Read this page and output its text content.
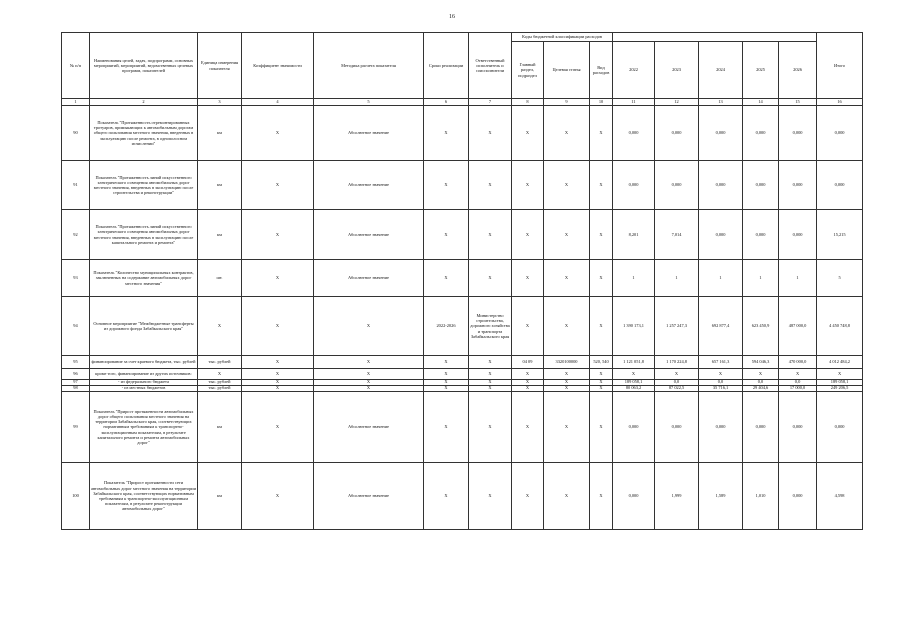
16
№ п/п	Наименования целей, задач, подпрограмм, основных мероприятий, мероприятий, ведомственных целевых программ, показателей	Единица измерения показателя	Коэффициент значимости	Методика расчета показателя	Сроки реализации	Ответственный исполнитель и соисполнители	Коды бюджетной классификации расходов								Итого
							Главный раздел, подраздел	Целевая статья	Вид расходов	2022	2023	2024	2025	2026	
1	2	3	4	5	6	7	8	9	10	11	12	13	14	15	16
90	Показатель "Протяженность отремонтированных тротуаров, примыкающих к автомобильным дорогам общего пользования местного значения, введенных в эксплуатацию после ремонта, в однополосном исчислении"	км	X	Абсолютное значение	X	X	X	X	X	0,000	0,000	0,000	0,000	0,000	0,000
91	Показатель "Протяженность линий искусственного электрического освещения автомобильных дорог местного значения, введенных в эксплуатацию после строительства и реконструкции"	км	X	Абсолютное значение	X	X	X	X	X	0,000	0,000	0,000	0,000	0,000	0,000
92	Показатель "Протяженность линий искусственного электрического освещения автомобильных дорог местного значения, введенных в эксплуатацию после капитального ремонта и ремонта"	км	X	Абсолютное значение	X	X	X	X	X	8,201	7,014	0,000	0,000	0,000	15,215
93	Показатель "Количество муниципальных контрактов, заключенных на содержание автомобильных дорог местного значения"	шт.	X	Абсолютное значение	X	X	X	X	X	1	1	1	1	1	5
94	Основное мероприятие "Межбюджетные трансферты из дорожного фонда Забайкальского края"	X	X	X	2022-2026	Министерство строительства, дорожного хозяйства и транспорта Забайкальского края	X	X	X	1 390 173,1	1 257 247,3	692 877,4	623 450,9	487 000,0	4 450 748,8
95	финансирование за счет краевого бюджета, тыс. рублей	тыс. рублей	X	X	X	X	04 09	3320100000	520, 540	1 121 051,8	1 170 224,8	657 161,3	594 046,3	470 000,0	4 012 484,2
96	кроме того, финансирование из других источников:	X	X	X	X	X	X	X	X	X	X	X	X	X	X
97	- из федерального бюджета	тыс. рублей	X	X	X	X	X	X	X	189 058,1	0,0	0,0	0,0	0,0	189 058,1
98	- из местных бюджетов	тыс. рублей	X	X	X	X	X	X	X	80 063,2	87 022,5	35 716,1	29 404,6	17 000,0	249 206,5
99	Показатель "Прирост протяженности автомобильных дорог общего пользования местного значения на территории Забайкальского края, соответствующих нормативным требованиям к транспортно-эксплуатационным показателям, в результате капитального ремонта и ремонта автомобильных дорог"	км	X	Абсолютное значение	X	X	X	X	X	0,000	0,000	0,000	0,000	0,000	0,000
100	Показатель "Прирост протяженности сети автомобильных дорог местного значения на территории Забайкальского края, соответствующих нормативным требованиям к транспортно-эксплуатационным показателям, в результате реконструкции автомобильных дорог"	км	X	Абсолютное значение	X	X	X	X	X	0,000	1,999	1,589	1,010	0,000	4,598
